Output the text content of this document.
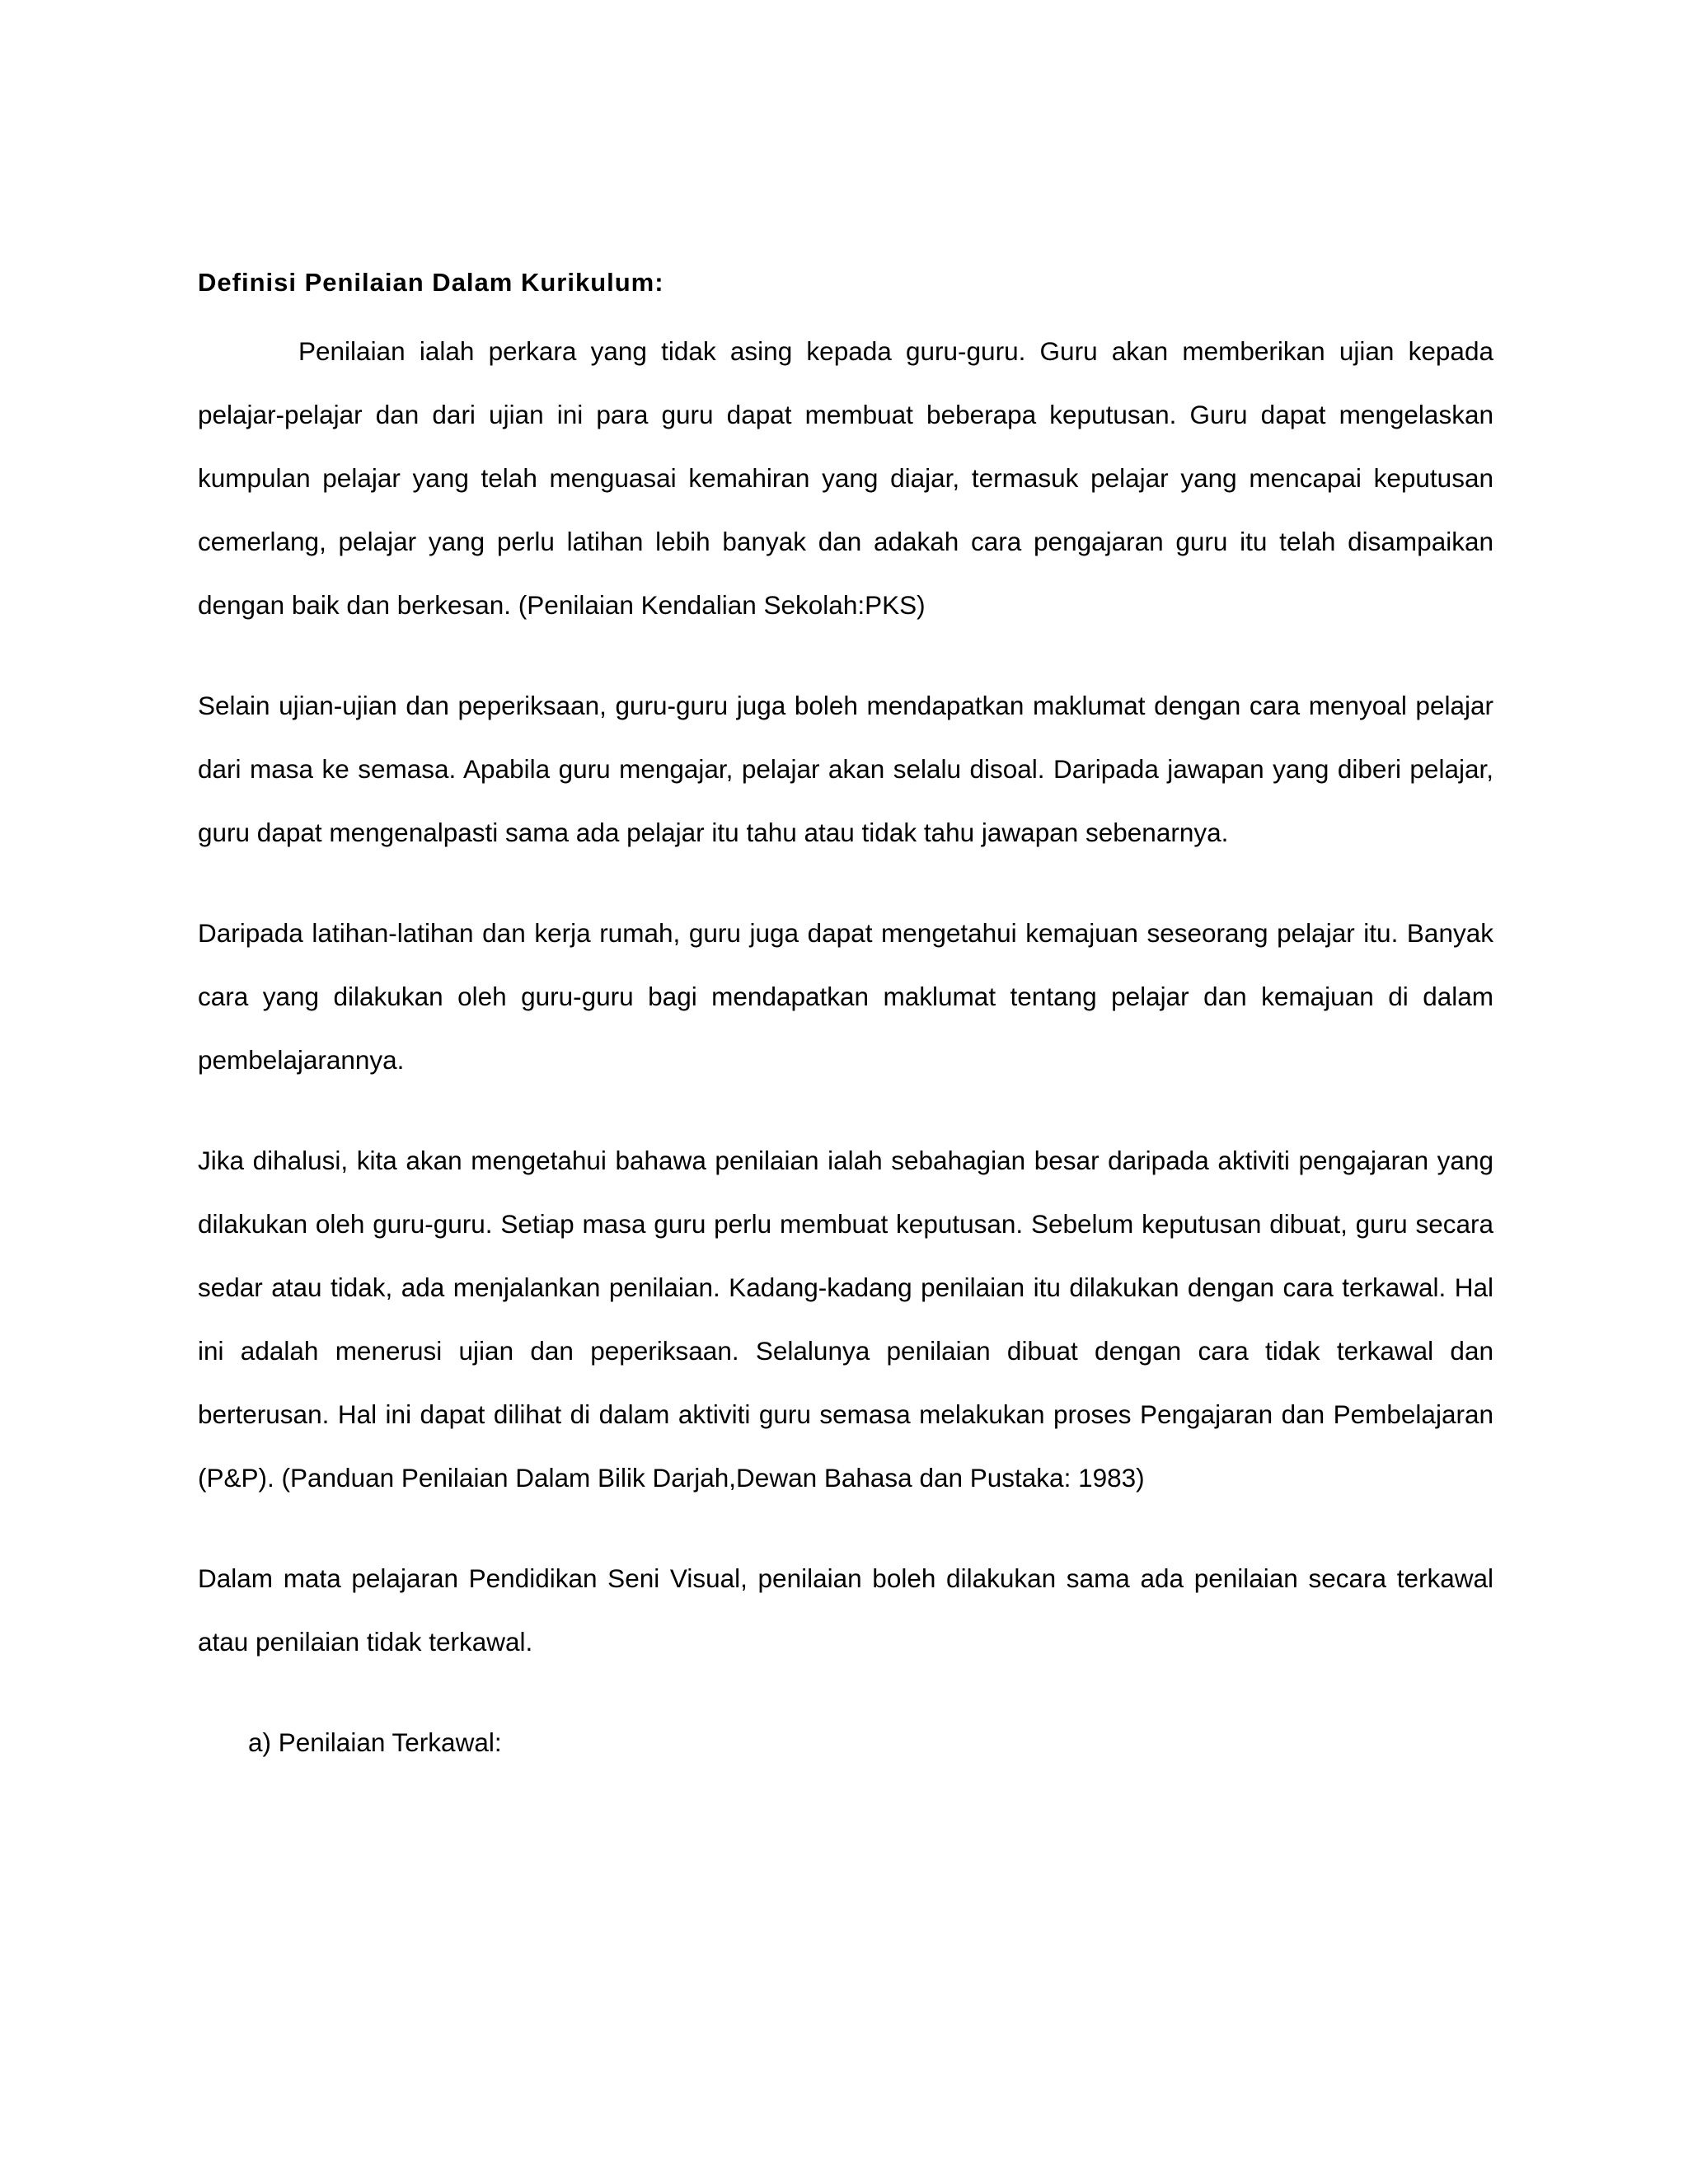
Definisi Penilaian Dalam Kurikulum:

Penilaian ialah perkara yang tidak asing kepada guru-guru. Guru akan memberikan ujian kepada pelajar-pelajar dan dari ujian ini para guru dapat membuat beberapa keputusan. Guru dapat mengelaskan kumpulan pelajar yang telah menguasai kemahiran yang diajar, termasuk pelajar yang mencapai keputusan cemerlang, pelajar yang perlu latihan lebih banyak dan adakah cara pengajaran guru itu telah disampaikan dengan baik dan berkesan. (Penilaian Kendalian Sekolah:PKS)

Selain ujian-ujian dan peperiksaan, guru-guru juga boleh mendapatkan maklumat dengan cara menyoal pelajar dari masa ke semasa. Apabila guru mengajar, pelajar akan selalu disoal. Daripada jawapan yang diberi pelajar, guru dapat mengenalpasti sama ada pelajar itu tahu atau tidak tahu jawapan sebenarnya.

Daripada latihan-latihan dan kerja rumah, guru juga dapat mengetahui kemajuan seseorang pelajar itu. Banyak cara yang dilakukan oleh guru-guru bagi mendapatkan maklumat tentang pelajar dan kemajuan di dalam pembelajarannya.

Jika dihalusi, kita akan mengetahui bahawa penilaian ialah sebahagian besar daripada aktiviti pengajaran yang dilakukan oleh guru-guru. Setiap masa guru perlu membuat keputusan. Sebelum keputusan dibuat, guru secara sedar atau tidak, ada menjalankan penilaian. Kadang-kadang penilaian itu dilakukan dengan cara terkawal. Hal ini adalah menerusi ujian dan peperiksaan. Selalunya penilaian dibuat dengan cara tidak terkawal dan berterusan. Hal ini dapat dilihat di dalam aktiviti guru semasa melakukan proses Pengajaran dan Pembelajaran (P&P). (Panduan Penilaian Dalam Bilik Darjah,Dewan Bahasa dan Pustaka: 1983)

Dalam mata pelajaran Pendidikan Seni Visual, penilaian boleh dilakukan sama ada penilaian secara terkawal atau penilaian tidak terkawal.

a) Penilaian Terkawal:
